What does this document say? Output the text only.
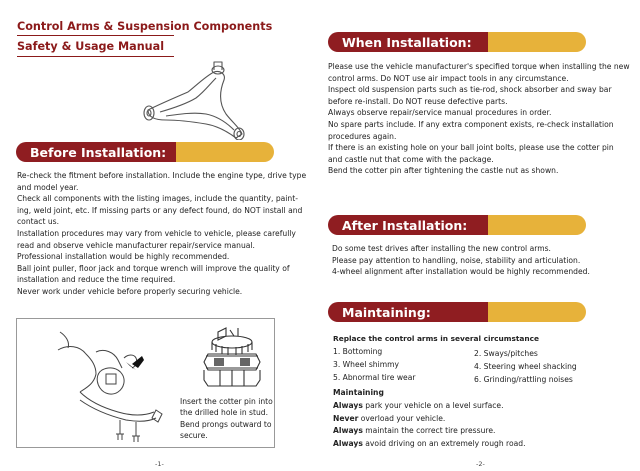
Control Arms & Suspension Components
Safety & Usage Manual
Before Installation:

Re-check the fitment before installation. Include the engine type, drive type and model year.

Check all components with the listing images, include the quantity, paint- ing, weld joint, etc. If missing parts or any defect found, do NOT install and contact us.

Installation procedures may vary from vehicle to vehicle, please carefully read and observe vehicle manufacturer repair/service manual.

Professional installation would be highly recommended.

Ball joint puller, floor jack and torque wrench will improve the quality of installation and reduce the time required.

Never work under vehicle before properly securing vehicle.

Insert the cotter pin into the drilled hole in stud. Bend prongs outward to secure.
-1-
When Installation:

Please use the vehicle manufacturer's specified torque when installing the new control arms. Do NOT use air impact tools in any circumstance.

Inspect old suspension parts such as tie-rod, shock absorber and sway bar before re-install. Do NOT reuse defective parts.

Always observe repair/service manual procedures in order.

No spare parts include. If any extra component exists, re-check installation procedures again.

If there is an existing hole on your ball joint bolts, please use the cotter pin and castle nut that come with the package.

Bend the cotter pin after tightening the castle nut as shown.

After Installation:

Do some test drives after installing the new control arms.

Please pay attention to handling, noise, stability and articulation.

4-wheel alignment after installation would be highly recommended.

Maintaining:
Replace the control arms in several circumstance
1. Bottoming
3. Wheel shimmy
5. Abnormal tire wear
2. Sways/pitches
4. Steering wheel shacking
6. Grinding/rattling noises
Maintaining
Always park your vehicle on a level surface.
Never overload your vehicle.
Always maintain the correct tire pressure.
Always avoid driving on an extremely rough road.
-2-
